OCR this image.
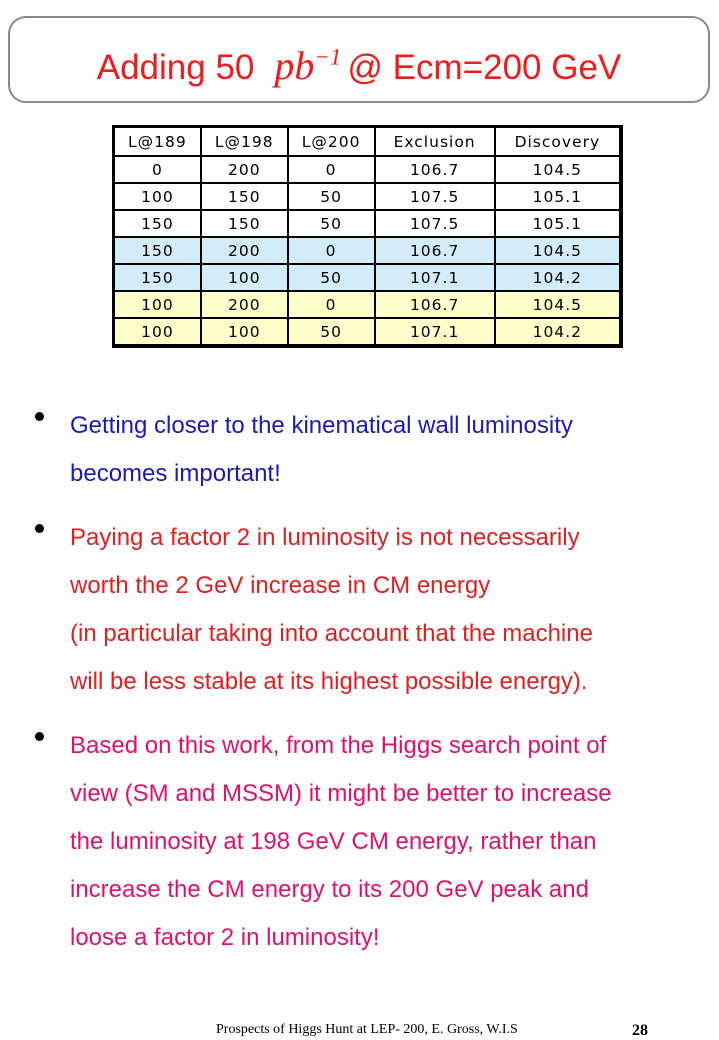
Adding 50 $pb^{-1}$ @ Ecm=200 GeV
L@189	L@198	L@200	Exclusion	Discovery
0	200	0	106.7	104.5
100	150	50	107.5	105.1
150	150	50	107.5	105.1
150	200	0	106.7	104.5
150	100	50	107.1	104.2
100	200	0	106.7	104.5
100	100	50	107.1	104.2
Getting closer to the kinematical wall luminosity
becomes important!
Paying a factor 2 in luminosity is not necessarily
worth the 2 GeV increase in CM energy
(in particular taking into account that the machine
will be less stable at its highest possible energy).
Based on this work, from the Higgs search point of
view (SM and MSSM) it might be better to increase
the luminosity at 198 GeV CM energy, rather than
increase the CM energy to its 200 GeV peak and
loose a factor 2 in luminosity!
Prospects of Higgs Hunt at LEP- 200, E. Gross, W.I.S	28
